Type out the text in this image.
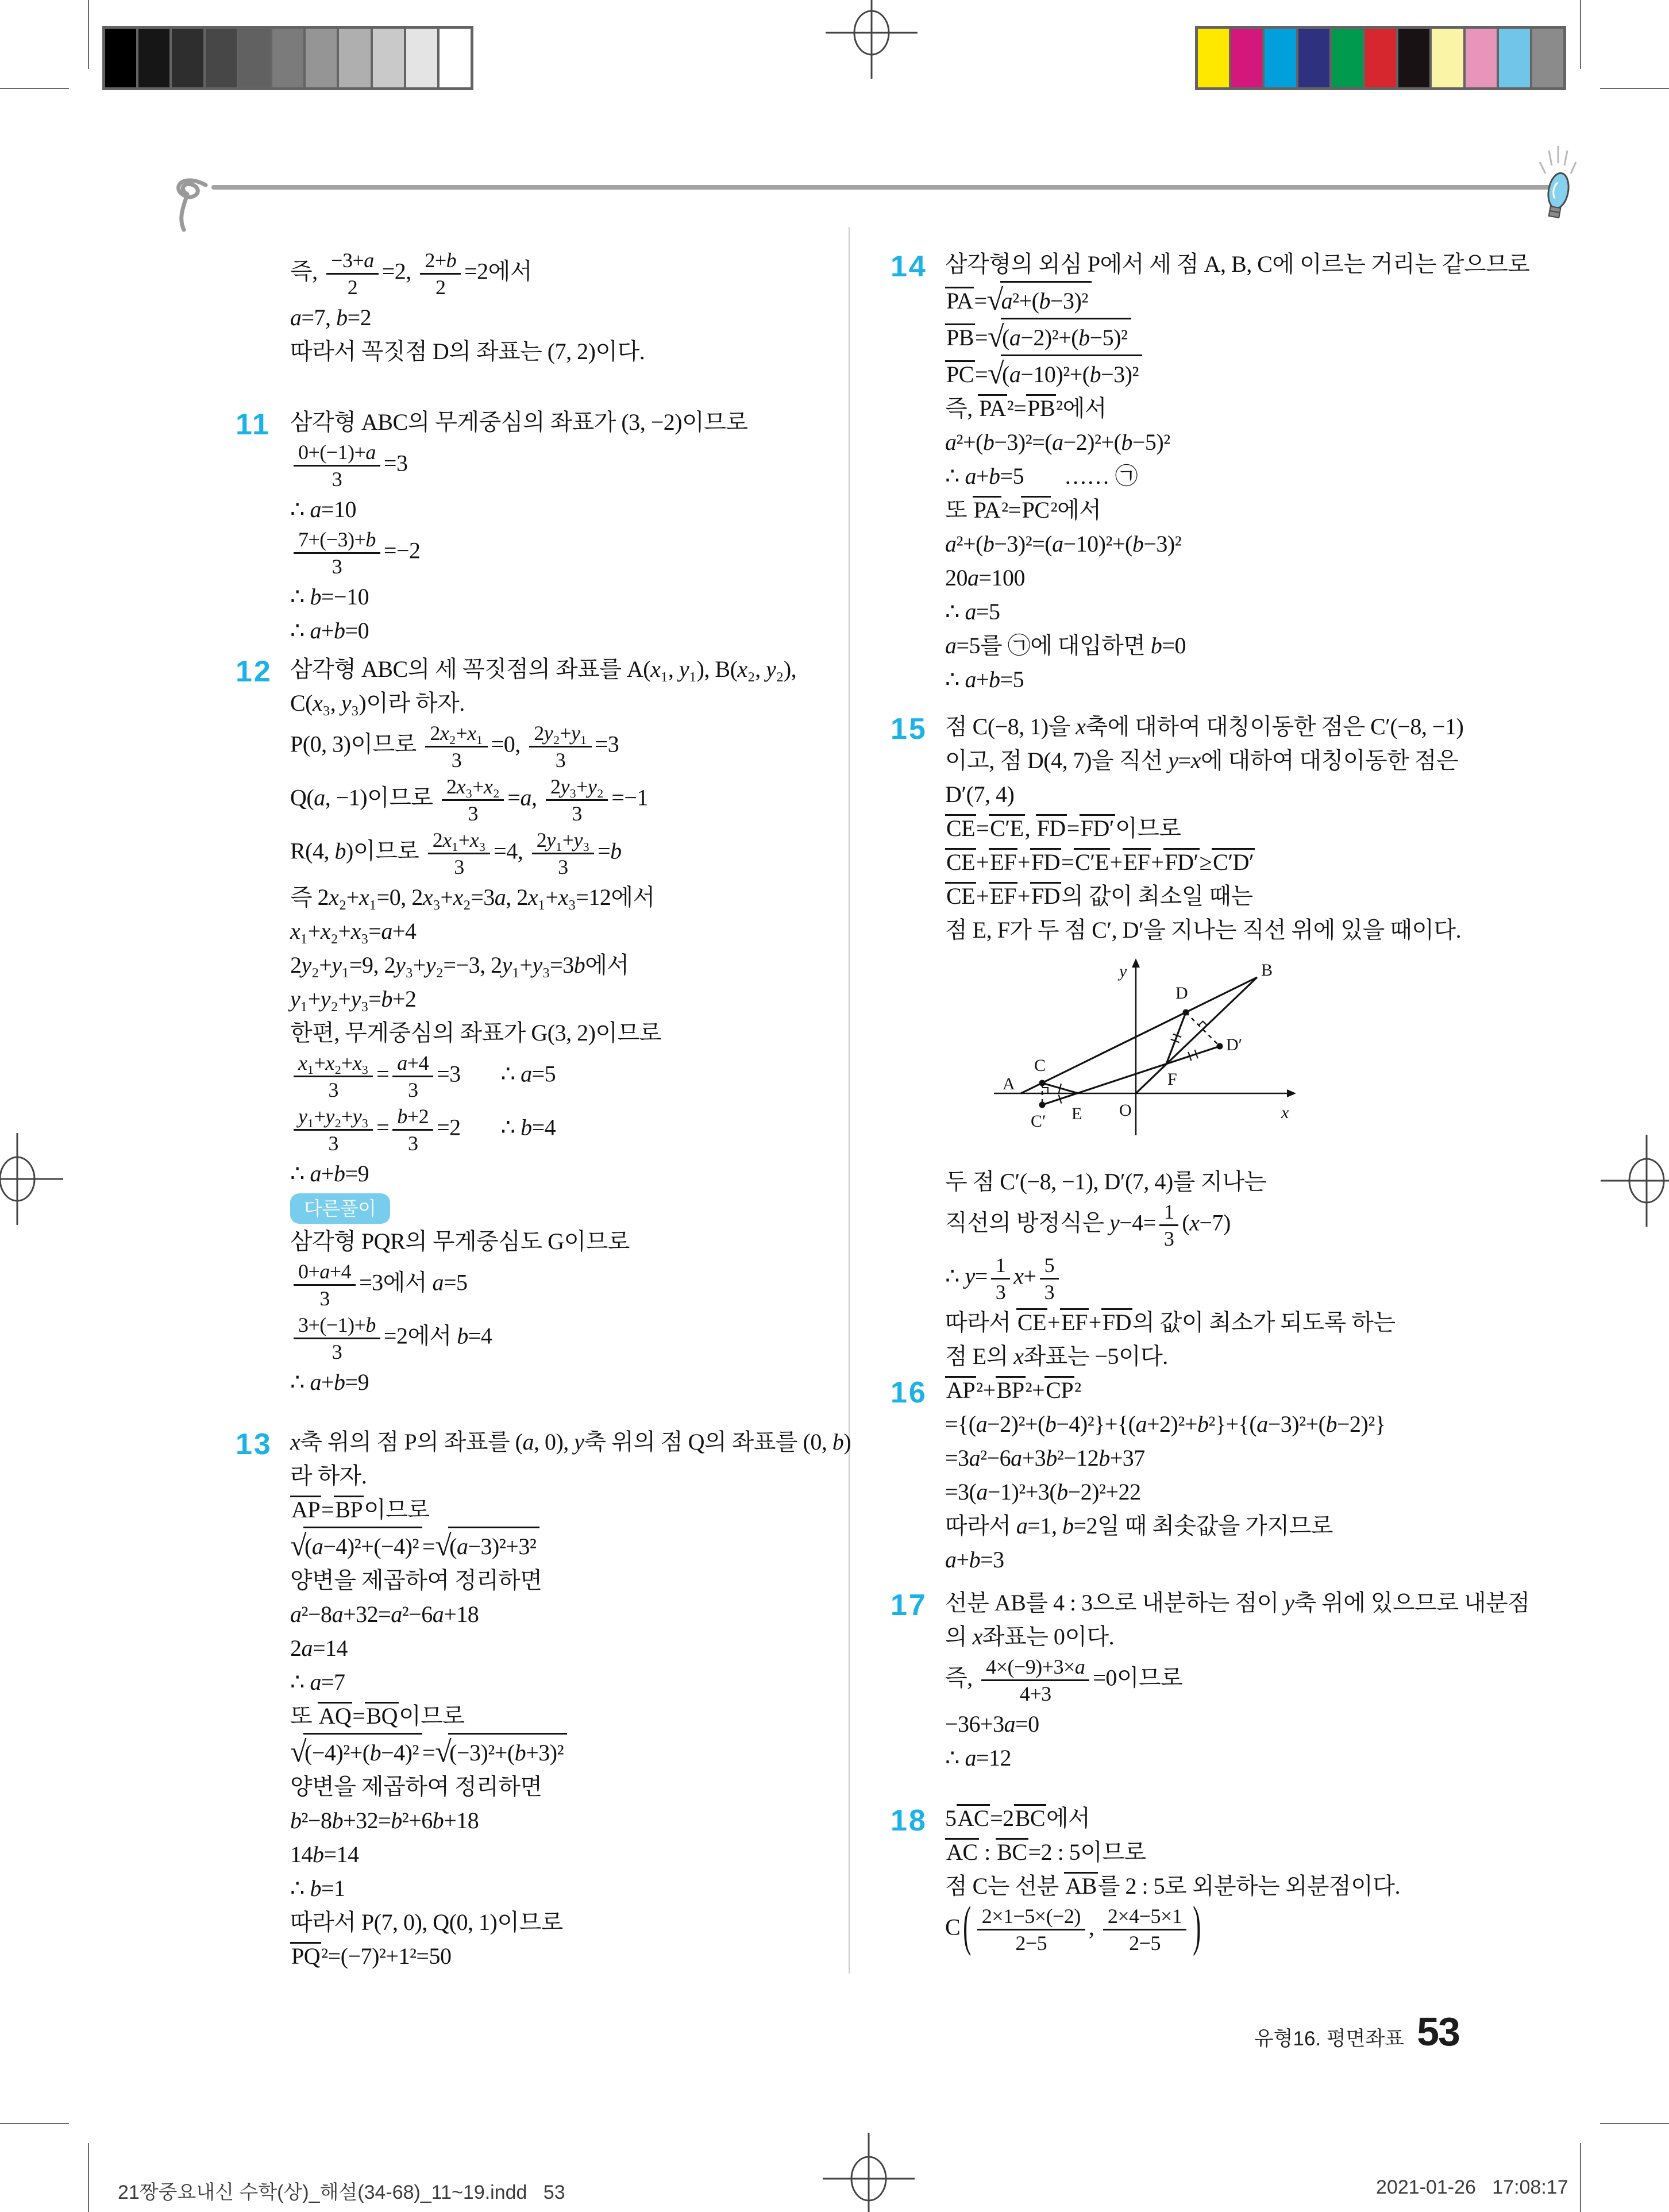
즉, $\frac{-3+a}{2} =2$, $\frac{2+b}{2} =2$에서
a=7, b=2
따라서 꼭짓점 D의 좌표는 (7, 2)이다.
11 삼각형 ABC의 무게중심의 좌표가 (3, −2)이므로
$\frac{0+(-1)+a}{3} =3$
∴ a=10
$\frac{7+(-3)+b}{3} =-2$
∴ b=−10
∴ a+b=0
12 삼각형 ABC의 세 꼭짓점의 좌표를 A(x₁, y₁), B(x₂, y₂),
C(x₃, y₃)이라 하자.
P(0, 3)이므로 $\frac{\text{2x₂+x₁}}{3} =0$, $\frac{\text{2y₂+y₁}}{3} =3$
Q(a, −1)이므로 $\frac{\text{2x₃+x₂}}{3} =a$, $\frac{\text{2y₃+y₂}}{3} =-1$
R(4, b)이므로 $\frac{\text{2x₁+x₃}}{3} =4$, $\frac{\text{2y₁+y₃}}{3} =b$
즉 2x₂+x₁=0, 2x₃+x₂=3a, 2x₁+x₃=12에서
x₁+x₂+x₃=a+4
2y₂+y₁=9, 2y₃+y₂=−3, 2y₁+y₃=3b에서
y₁+y₂+y₃=b+2
한편, 무게중심의 좌표가 G(3, 2)이므로
$\frac{\text{x₁+x₂+x₃}}{3} = \frac{a+4}{3} =3$ ∴ a=5
$\frac{\text{y₁+y₂+y₃}}{3} = \frac{b+2}{3} =2$ ∴ b=4
∴ a+b=9
다른풀이
삼각형 PQR의 무게중심도 G이므로
$\frac{0+a+4}{3} =3$에서 a=5
$\frac{3+(-1)+b}{3} =2$에서 b=4
∴ a+b=9
13 x축 위의 점 P의 좌표를 (a, 0), y축 위의 점 Q의 좌표를 (0, b)
라 하자.
AP=BP이므로
√(a−4)²+(−4)² =√(a−3)²+3²
양변을 제곱하여 정리하면
a²−8a+32=a²−6a+18
2a=14
∴ a=7
또 AQ=BQ이므로
√(−4)²+(b−4)² =√(−3)²+(b+3)²
양변을 제곱하여 정리하면
b²−8b+32=b²+6b+18
14b=14
∴ b=1
따라서 P(7, 0), Q(0, 1)이므로
PQ²=(−7)²+1²=50
14 삼각형의 외심 P에서 세 점 A, B, C에 이르는 거리는 같으므로
PA=√a²+(b−3)²
PB=√(a−2)²+(b−5)²
PC=√(a−10)²+(b−3)²
즉, PA²=PB²에서
a²+(b−3)²=(a−2)²+(b−5)²
∴ a+b=5 …… ㉠
또 PA²=PC²에서
a²+(b−3)²=(a−10)²+(b−3)²
20a=100
∴ a=5
a=5를 ㉠에 대입하면 b=0
∴ a+b=5
15 점 C(−8, 1)을 x축에 대하여 대칭이동한 점은 C′(−8, −1)
이고, 점 D(4, 7)을 직선 y=x에 대하여 대칭이동한 점은
D′(7, 4)
CE=C′E, FD=FD′이므로
CE+EF+FD=C′E+EF+FD′≥C′D′
CE+EF+FD의 값이 최소일 때는
점 E, F가 두 점 C′, D′을 지나는 직선 위에 있을 때이다.
A
B
C
C′
D
D′
E
F
O	x
y
두 점 C′(−8, −1), D′(7, 4)를 지나는
직선의 방정식은 $y-4= \frac{1}{3} (x-7)$
∴ $y= \frac{1}{3} x+ \frac{5}{3}$
따라서 CE+EF+FD의 값이 최소가 되도록 하는
점 E의 x좌표는 −5이다.
16 AP²+BP²+CP²
={(a−2)²+(b−4)²}+{(a+2)²+b²}+{(a−3)²+(b−2)²}
=3a²−6a+3b²−12b+37
=3(a−1)²+3(b−2)²+22
따라서 a=1, b=2일 때 최솟값을 가지므로
a+b=3
17 선분 AB를 4 : 3으로 내분하는 점이 y축 위에 있으므로 내분점
의 x좌표는 0이다.
즉, $\frac{4\times(-9)+3\times a}{4+3} =0$이므로
−36+3a=0
∴ a=12
18 5AC=2BC에서
AC : BC=2 : 5이므로
점 C는 선분 AB를 2 : 5로 외분하는 외분점이다.
C ( $\frac{2\times 1-5\times(-2)}{2-5}$ , $\frac{2\times 4-5\times 1}{2-5}$ )
21짱중요내신 수학(상)_해설(34-68)_11~19.indd   53	2021-01-26   17:08:17
유형16. 평면좌표 53
